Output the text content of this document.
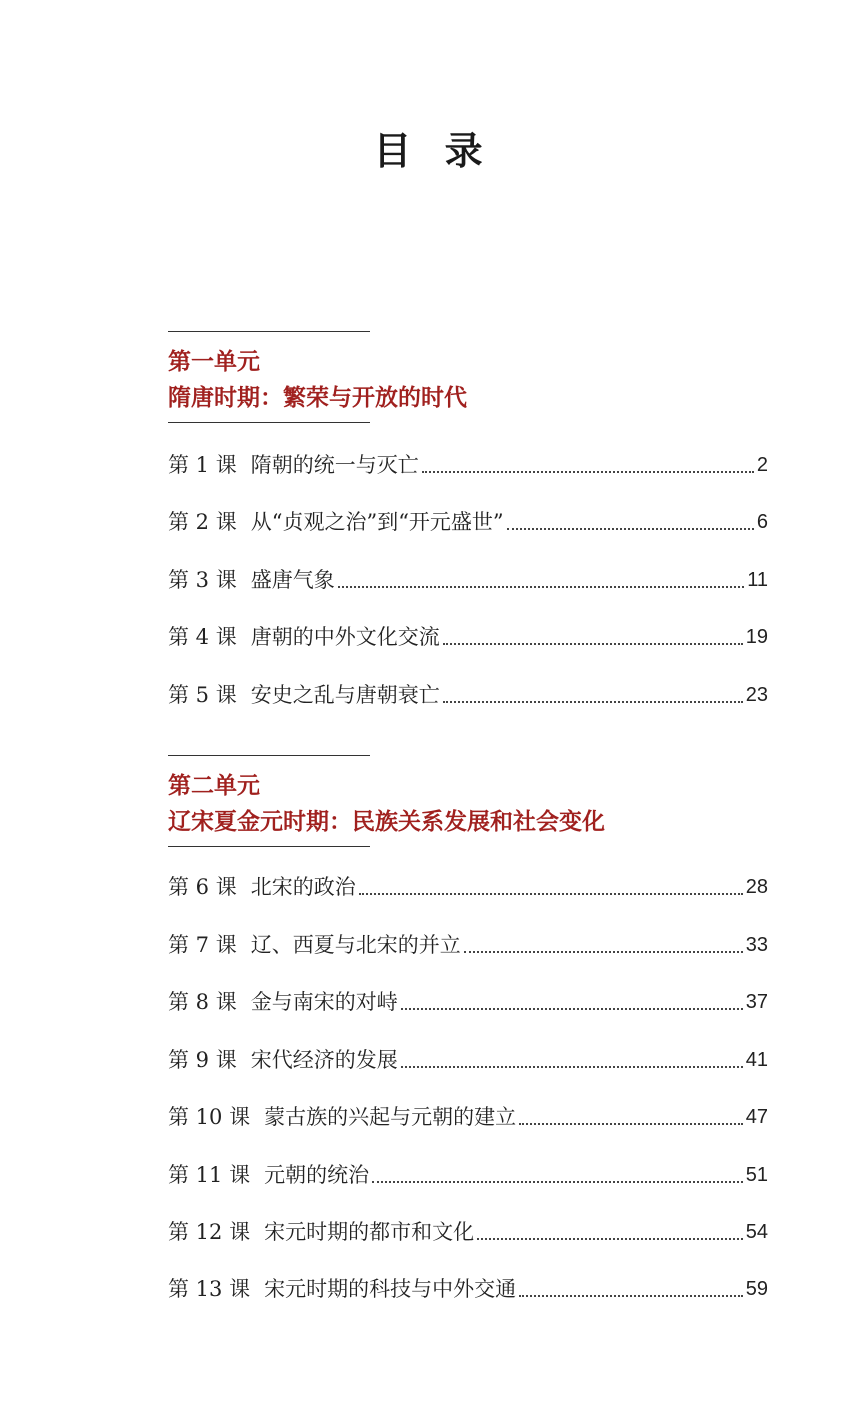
目 录
第一单元
隋唐时期：繁荣与开放的时代
第 1 课 隋朝的统一与灭亡	2
第 2 课 从“贞观之治”到“开元盛世”	6
第 3 课 盛唐气象	11
第 4 课 唐朝的中外文化交流	19
第 5 课 安史之乱与唐朝衰亡	23
第二单元
辽宋夏金元时期：民族关系发展和社会变化
第 6 课 北宋的政治	28
第 7 课 辽、西夏与北宋的并立	33
第 8 课 金与南宋的对峙	37
第 9 课 宋代经济的发展	41
第 10 课 蒙古族的兴起与元朝的建立	47
第 11 课 元朝的统治	51
第 12 课 宋元时期的都市和文化	54
第 13 课 宋元时期的科技与中外交通	59
